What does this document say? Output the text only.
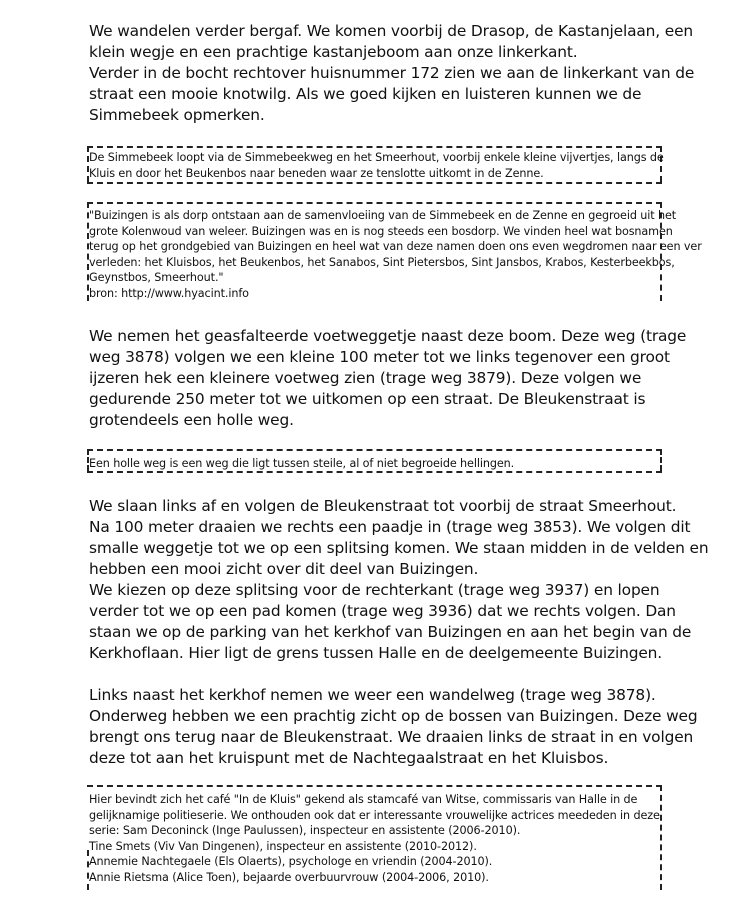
We wandelen verder bergaf. We komen voorbij de Drasop, de Kastanjelaan, een
klein wegje en een prachtige kastanjeboom aan onze linkerkant.
Verder in de bocht rechtover huisnummer 172 zien we aan de linkerkant van de
straat een mooie knotwilg. Als we goed kijken en luisteren kunnen we de
Simmebeek opmerken.
De Simmebeek loopt via de Simmebeekweg en het Smeerhout, voorbij enkele kleine vijvertjes, langs de
Kluis en door het Beukenbos naar beneden waar ze tenslotte uitkomt in de Zenne.
"Buizingen is als dorp ontstaan aan de samenvloeiing van de Simmebeek en de Zenne en gegroeid uit het
grote Kolenwoud van weleer. Buizingen was en is nog steeds een bosdorp. We vinden heel wat bosnamen
terug op het grondgebied van Buizingen en heel wat van deze namen doen ons even wegdromen naar een ver
verleden: het Kluisbos, het Beukenbos, het Sanabos, Sint Pietersbos, Sint Jansbos, Krabos, Kesterbeekbos,
Geynstbos, Smeerhout."
bron: http://www.hyacint.info
We nemen het geasfalteerde voetweggetje naast deze boom. Deze weg (trage
weg 3878) volgen we een kleine 100 meter tot we links tegenover een groot
ijzeren hek een kleinere voetweg zien (trage weg 3879). Deze volgen we
gedurende 250 meter tot we uitkomen op een straat. De Bleukenstraat is
grotendeels een holle weg.
Een holle weg is een weg die ligt tussen steile, al of niet begroeide hellingen.
We slaan links af en volgen de Bleukenstraat tot voorbij de straat Smeerhout.
Na 100 meter draaien we rechts een paadje in (trage weg 3853). We volgen dit
smalle weggetje tot we op een splitsing komen. We staan midden in de velden en
hebben een mooi zicht over dit deel van Buizingen.
We kiezen op deze splitsing voor de rechterkant (trage weg 3937) en lopen
verder tot we op een pad komen (trage weg 3936) dat we rechts volgen. Dan
staan we op de parking van het kerkhof van Buizingen en aan het begin van de
Kerkhoflaan. Hier ligt de grens tussen Halle en de deelgemeente Buizingen.
Links naast het kerkhof nemen we weer een wandelweg (trage weg 3878).
Onderweg hebben we een prachtig zicht op de bossen van Buizingen. Deze weg
brengt ons terug naar de Bleukenstraat. We draaien links de straat in en volgen
deze tot aan het kruispunt met de Nachtegaalstraat en het Kluisbos.
Hier bevindt zich het café "In de Kluis" gekend als stamcafé van Witse, commissaris van Halle in de
gelijknamige politieserie. We onthouden ook dat er interessante vrouwelijke actrices meededen in deze
serie: Sam Deconinck (Inge Paulussen), inspecteur en assistente (2006-2010).
Tine Smets (Viv Van Dingenen), inspecteur en assistente (2010-2012).
Annemie Nachtegaele (Els Olaerts), psychologe en vriendin (2004-2010).
Annie Rietsma (Alice Toen), bejaarde overbuurvrouw (2004-2006, 2010).
